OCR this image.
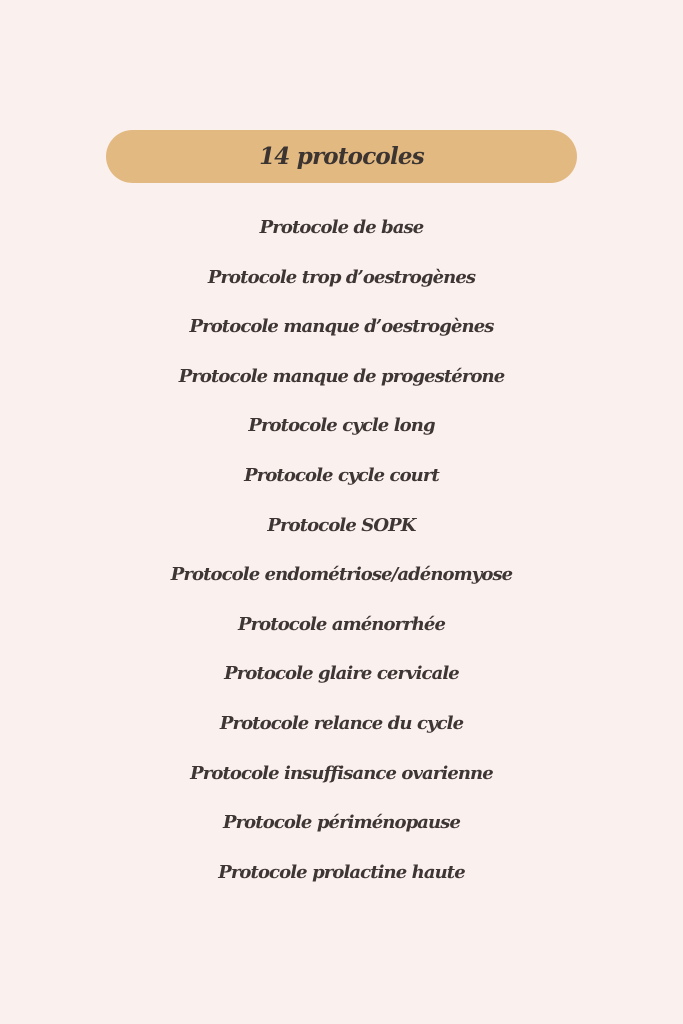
14 protocoles
Protocole de base
Protocole trop d’oestrogènes
Protocole manque d’oestrogènes
Protocole manque de progestérone
Protocole cycle long
Protocole cycle court
Protocole SOPK
Protocole endométriose/adénomyose
Protocole aménorrhée
Protocole glaire cervicale
Protocole relance du cycle
Protocole insuffisance ovarienne
Protocole périménopause
Protocole prolactine haute
